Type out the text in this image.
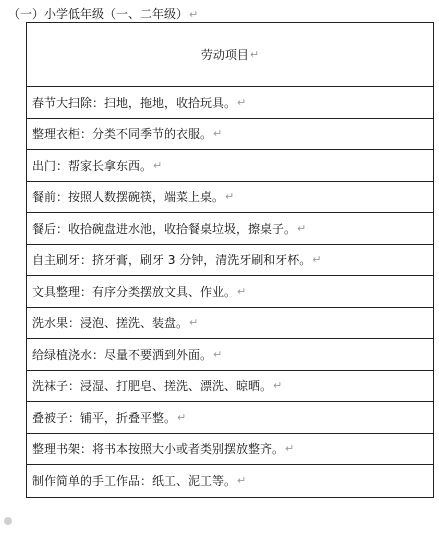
（一）小学低年级（一、二年级）↵
劳动项目 ↵
春节大扫除：扫地，拖地，收拾玩具。 ↵
整理衣柜：分类不同季节的衣服。 ↵
出门：帮家长拿东西。 ↵
餐前：按照人数摆碗筷，端菜上桌。 ↵
餐后：收拾碗盘进水池，收拾餐桌垃圾，擦桌子。 ↵
自主刷牙：挤牙膏，刷牙 3 分钟，清洗牙刷和牙杯。 ↵
文具整理：有序分类摆放文具、作业。 ↵
洗水果：浸泡、搓洗、装盘。 ↵
给绿植浇水：尽量不要洒到外面。 ↵
洗袜子：浸湿、打肥皂、搓洗、漂洗、晾晒。 ↵
叠被子：铺平，折叠平整。 ↵
整理书架：将书本按照大小或者类别摆放整齐。 ↵
制作简单的手工作品：纸工、泥工等。 ↵
